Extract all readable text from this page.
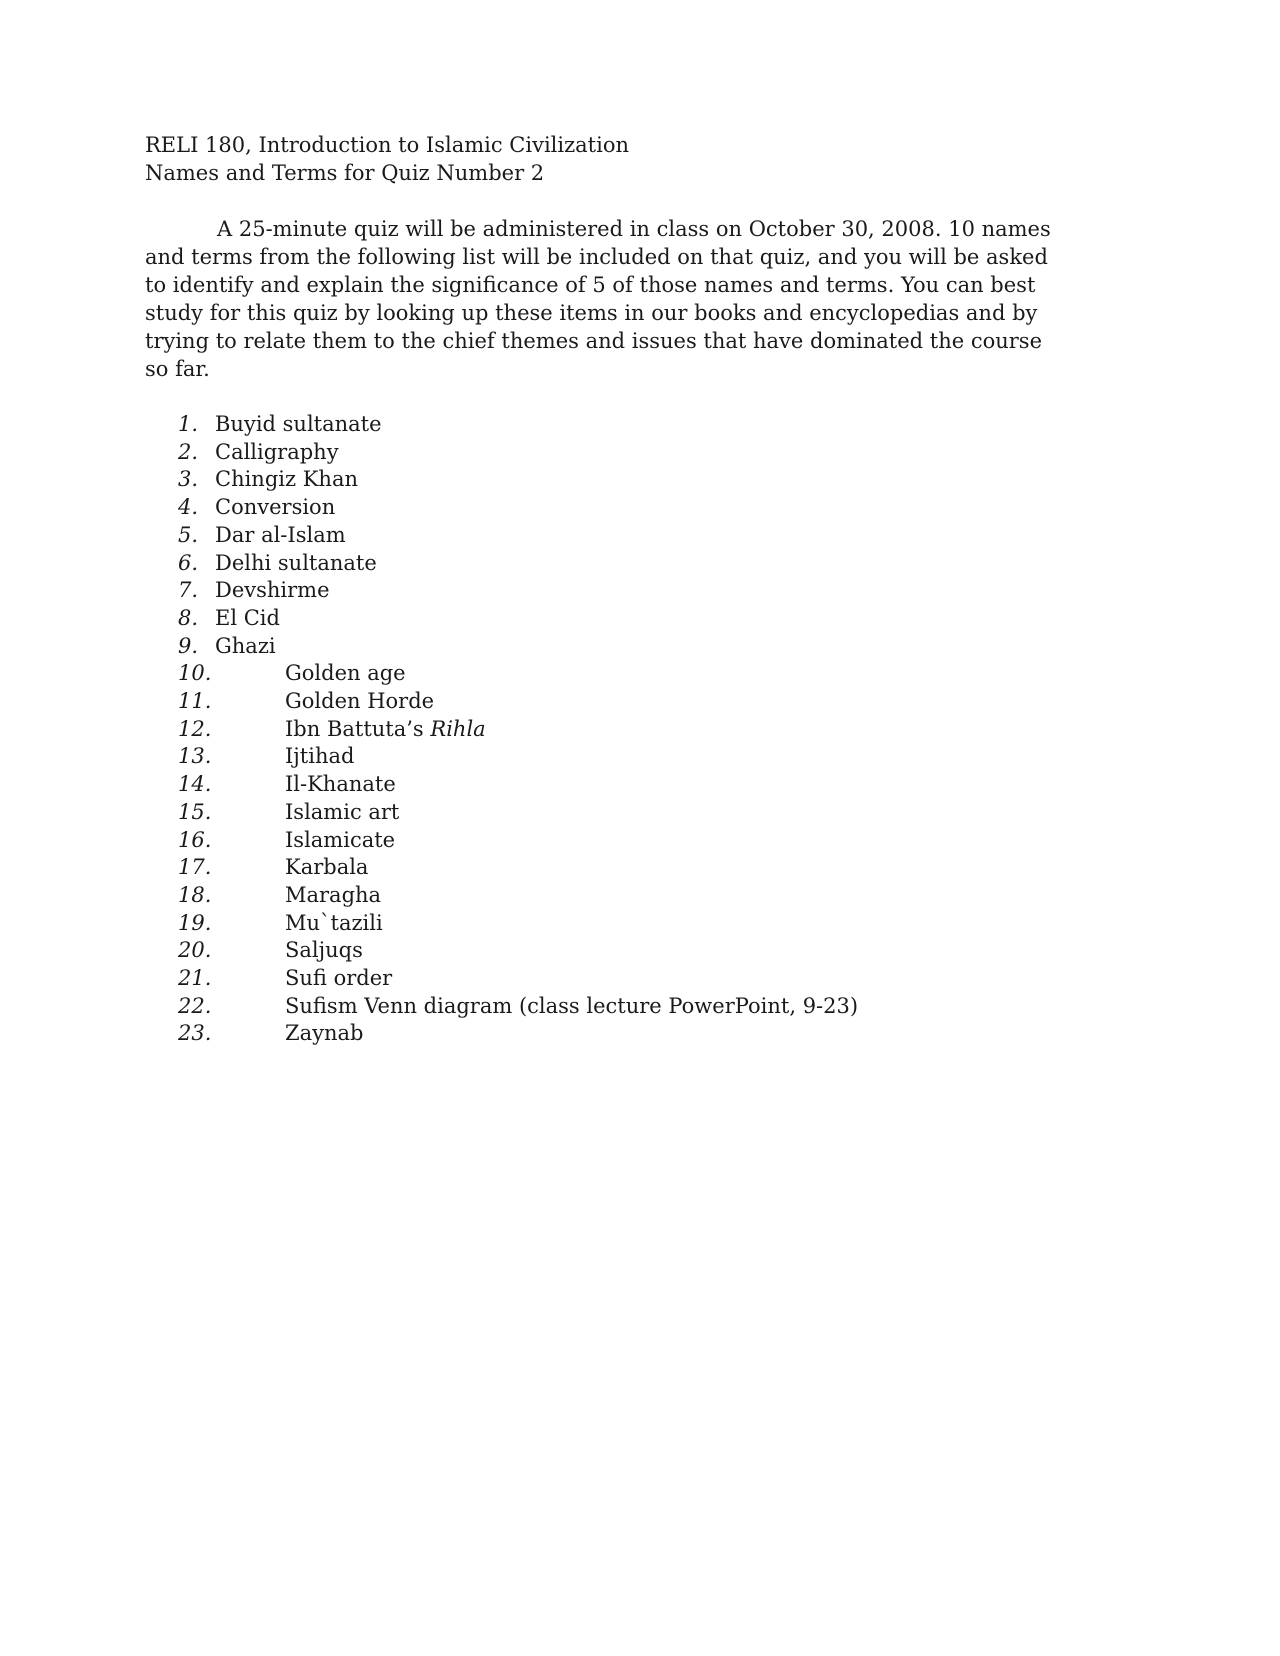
RELI 180, Introduction to Islamic Civilization
Names and Terms for Quiz Number 2

A 25-minute quiz will be administered in class on October 30, 2008. 10 names and terms from the following list will be included on that quiz, and you will be asked to identify and explain the significance of 5 of those names and terms. You can best study for this quiz by looking up these items in our books and encyclopedias and by trying to relate them to the chief themes and issues that have dominated the course so far.

1. Buyid sultanate
2. Calligraphy
3. Chingiz Khan
4. Conversion
5. Dar al-Islam
6. Delhi sultanate
7. Devshirme
8. El Cid
9. Ghazi
10.	Golden age
11.	Golden Horde
12.	Ibn Battuta’s Rihla
13.	Ijtihad
14.	Il-Khanate
15.	Islamic art
16.	Islamicate
17.	Karbala
18.	Maragha
19.	Mu`tazili
20.	Saljuqs
21.	Sufi order
22.	Sufism Venn diagram (class lecture PowerPoint, 9-23)
23.	Zaynab
